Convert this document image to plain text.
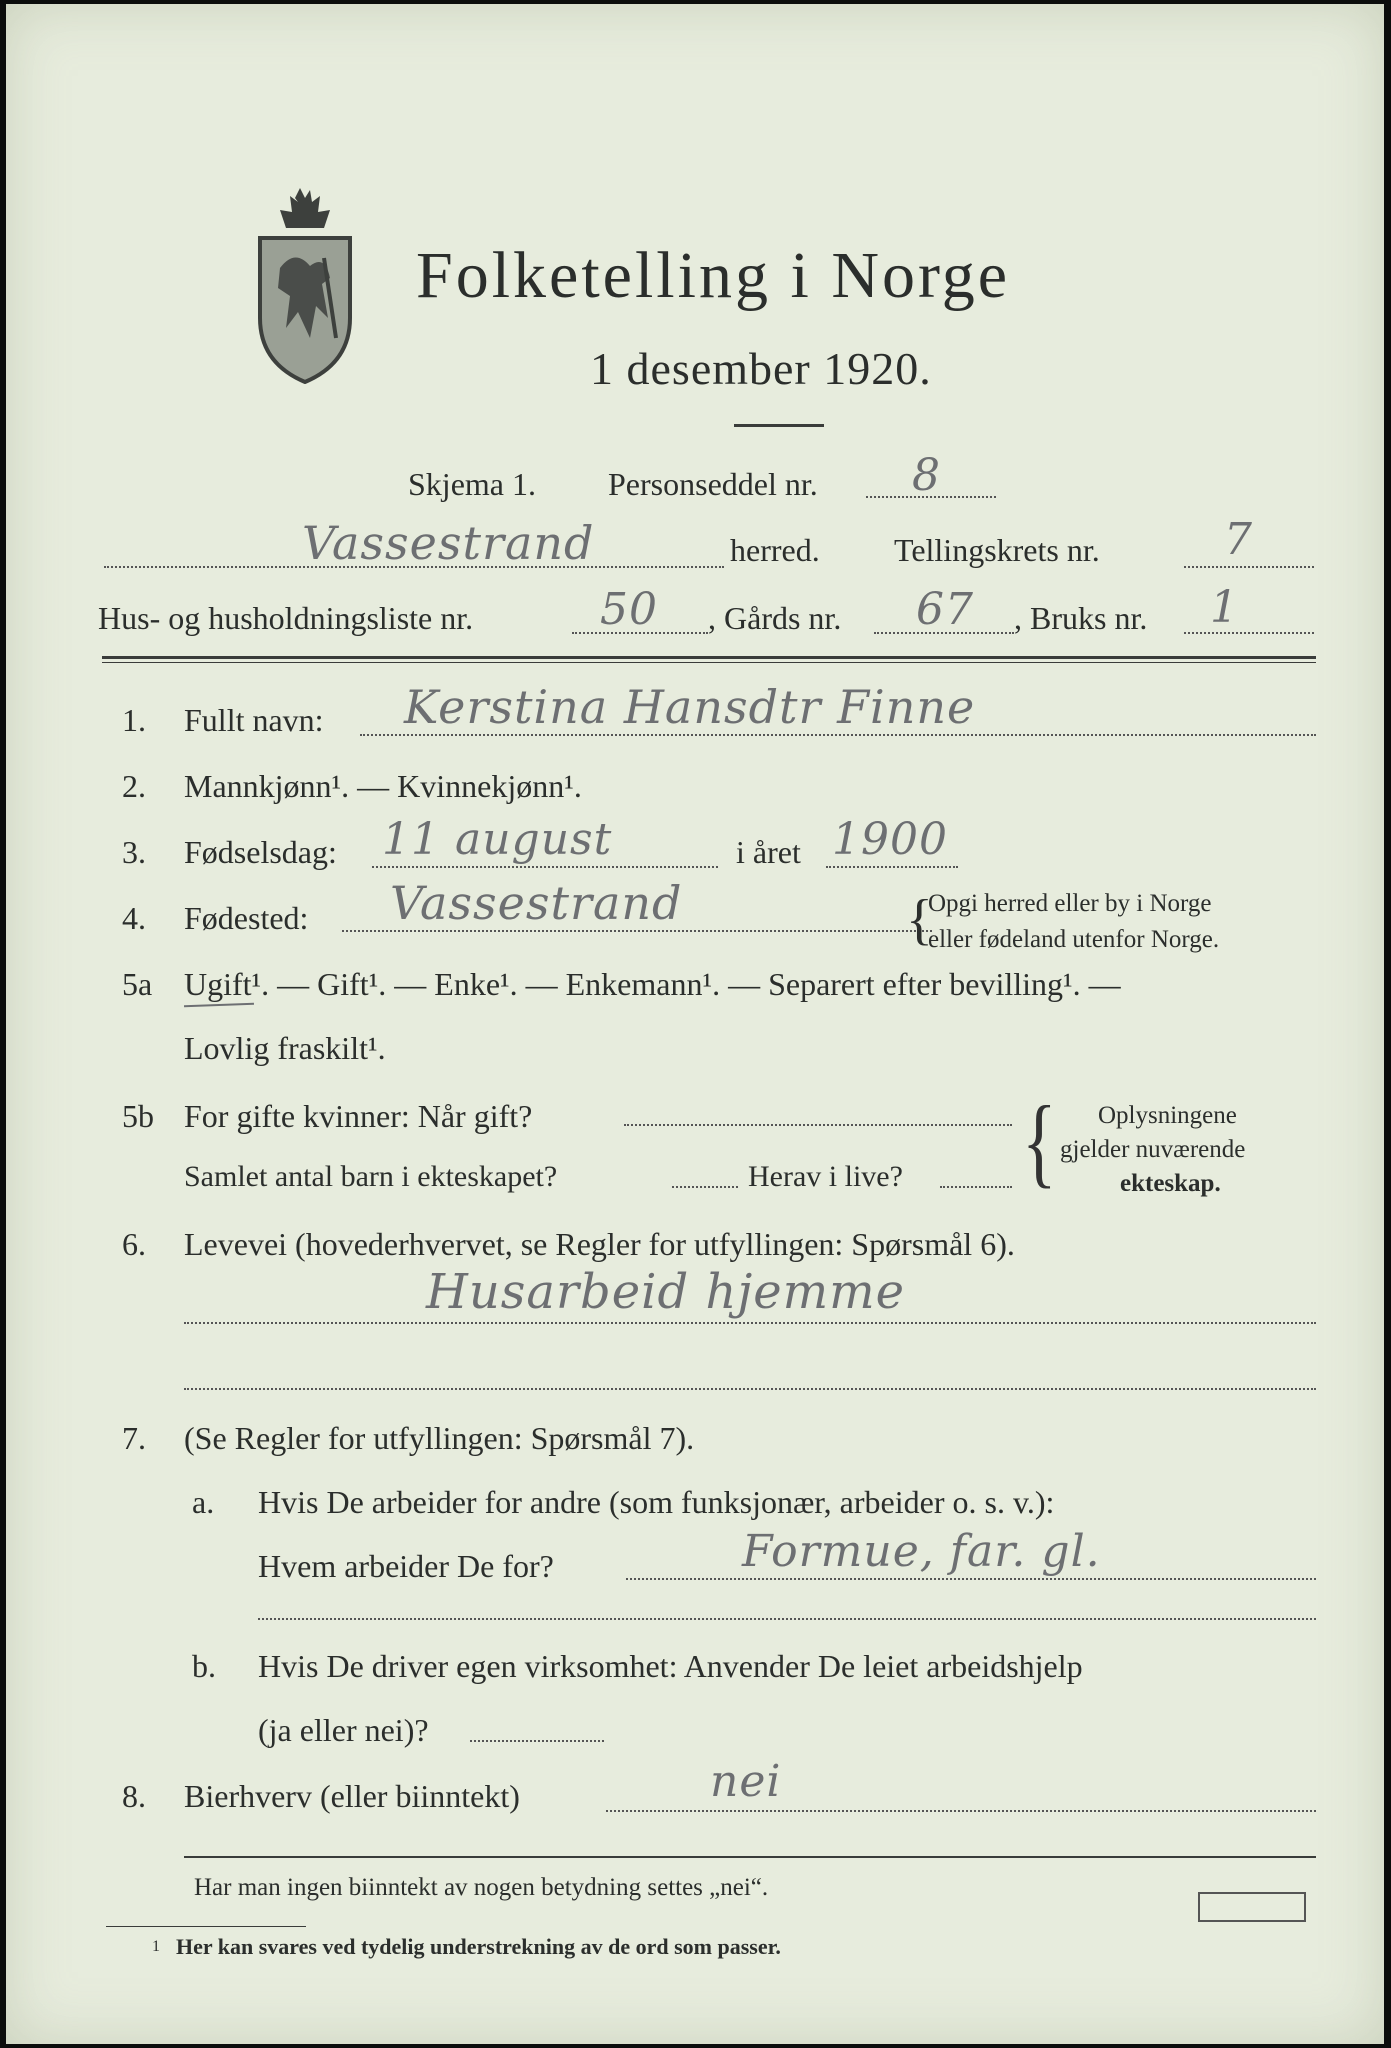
Folketelling i Norge
1 desember 1920.
Skjema 1. Personseddel nr. 8
Vassestrand	herred. Tellingskrets nr.	7
Hus- og husholdningsliste nr.	50 , Gårds nr. 67 , Bruks nr. 1
1. Fullt navn: Kerstina Hansdtr Finne
2. Mannkjønn¹. — Kvinnekjønn¹.
3. Fødselsdag: 11 august	i året 1900
4. Fødested: Vassestrand	{
Opgi herred eller by i Norge
eller fødeland utenfor Norge.
5a Ugift¹. — Gift¹. — Enke¹. — Enkemann¹. — Separert efter bevilling¹. —
Lovlig fraskilt¹.
5b For gifte kvinner: Når gift?
Samlet antal barn i ekteskapet?	Herav i live? { Oplysningene
gjelder nuværende
ekteskap.
6. Levevei (hovederhvervet, se Regler for utfyllingen: Spørsmål 6).
Husarbeid hjemme
7. (Se Regler for utfyllingen: Spørsmål 7).
a. Hvis De arbeider for andre (som funksjonær, arbeider o. s. v.):
Hvem arbeider De for?	Formue, far. gl.
b. Hvis De driver egen virksomhet: Anvender De leiet arbeidshjelp
(ja eller nei)?
8. Bierhverv (eller biinntekt)	nei
Har man ingen biinntekt av nogen betydning settes „nei“.
1 Her kan svares ved tydelig understrekning av de ord som passer.
